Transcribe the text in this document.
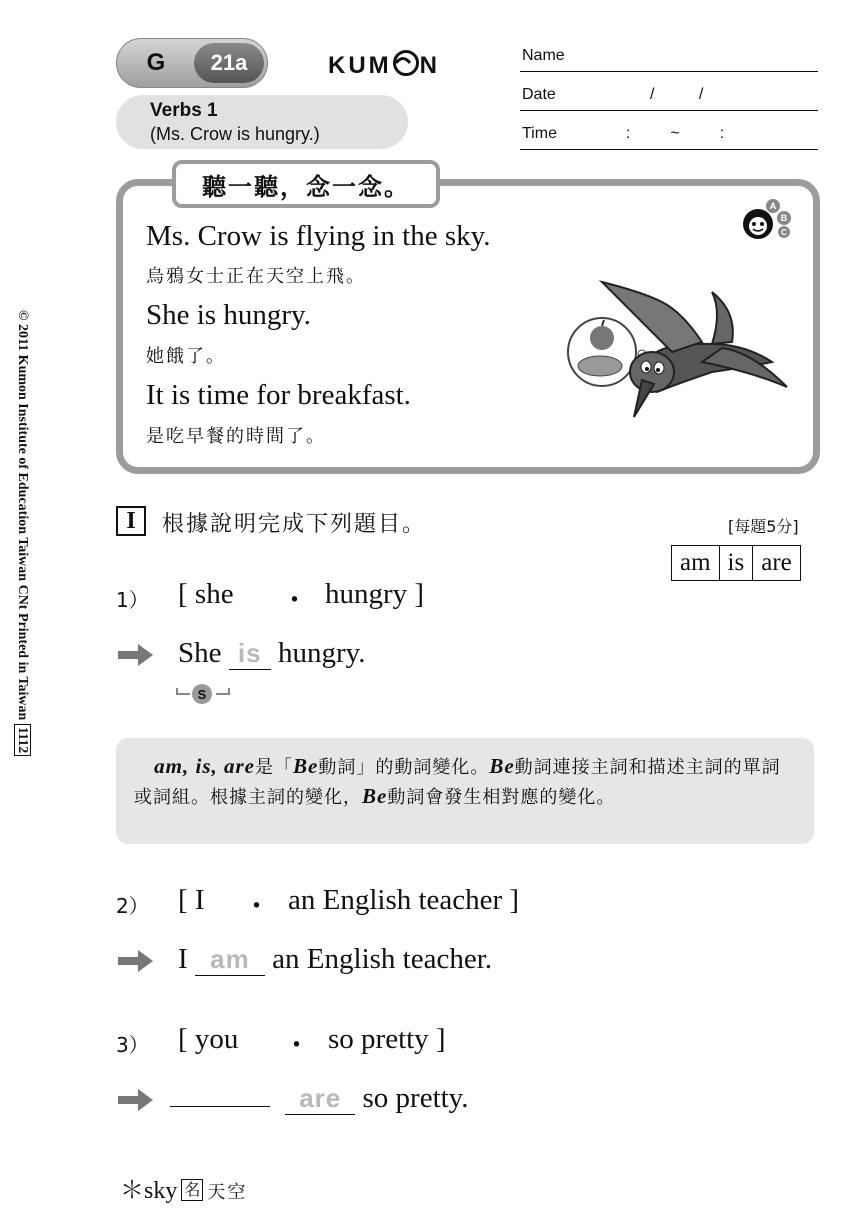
© 2011 Kumon Institute of Education Taiwan CNt Printed in Taiwan 1112
G	21a	KUM N	Name
Date	/          /
Time	:         ~         :
Verbs 1
(Ms. Crow is hungry.)
聽一聽，念一念。
Ms. Crow is flying in the sky.
烏鴉女士正在天空上飛。
She is hungry.
她餓了。
It is time for breakfast.
是吃早餐的時間了。
A
B
C
I	根據說明完成下列題目。	[每題5分]
am is are
1） [ she ・ hungry ]
She is hungry.
S
am, is, are是「Be動詞」的動詞變化。Be動詞連接主詞和描述主詞的單詞或詞組。根據主詞的變化，Be動詞會發生相對應的變化。
2） [ I ・ an English teacher ]
I am an English teacher.
3） [ you ・ so pretty ]
are so pretty.
＊sky 名 天空
